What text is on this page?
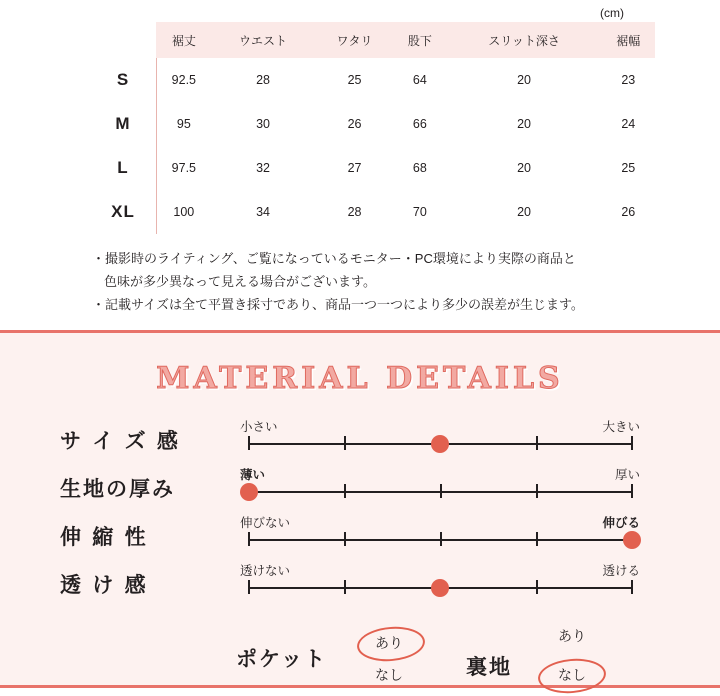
(cm)
	裾丈	ウエスト	ワタリ	股下	スリット深さ	裾幅
S	92.5	28	25	64	20	23
M	95	30	26	66	20	24
L	97.5	32	27	68	20	25
XL	100	34	28	70	20	26

・撮影時のライティング、ご覧になっているモニター・PC環境により実際の商品と

色味が多少異なって見える場合がございます。

・記載サイズは全て平置き採寸であり、商品一つ一つにより多少の誤差が生じます。

MATERIAL DETAILS
サ イ ズ 感
小さい	大きい
生地の厚み
薄い	厚い
伸 縮 性
伸びない	伸びる
透 け 感
透けない	透ける
ポケット
あり
なし	裏地
あり
なし
